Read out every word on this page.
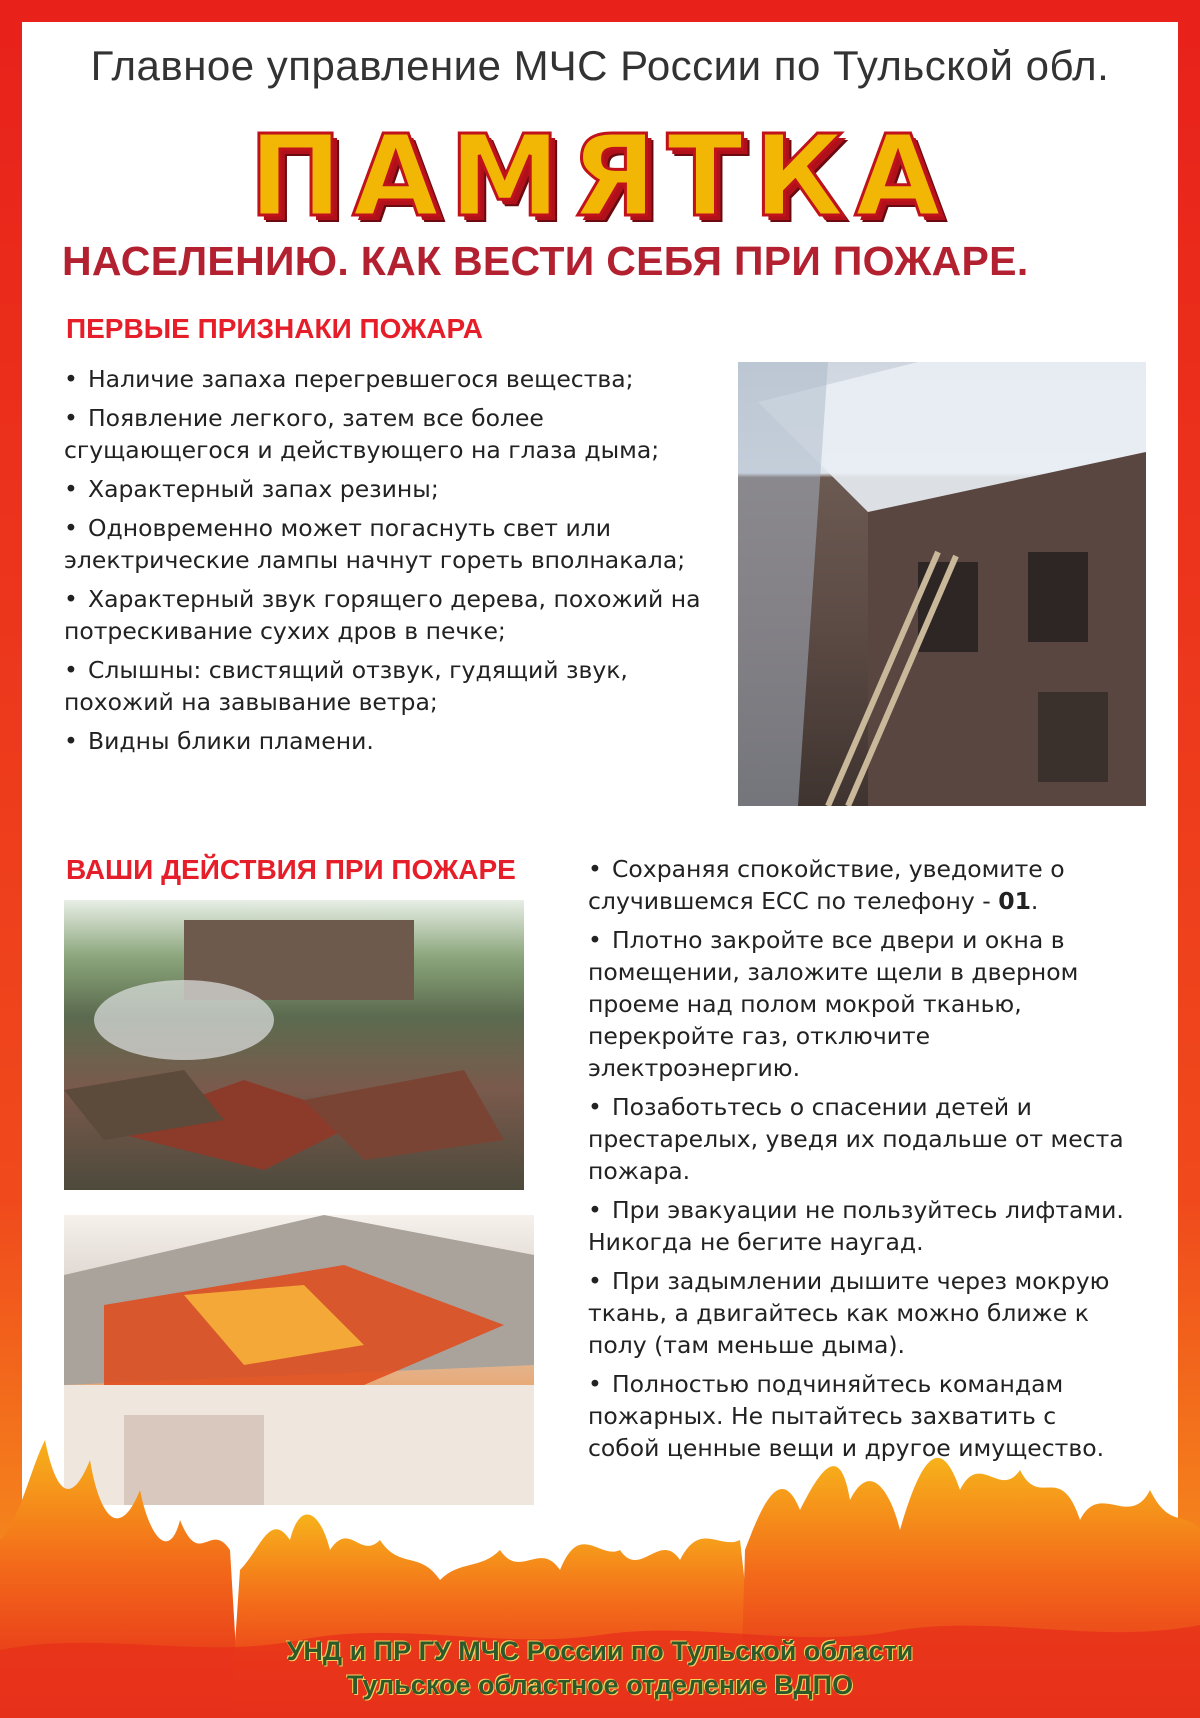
Главное управление МЧС России по Тульской обл.
ПАМЯТКА
НАСЕЛЕНИЮ. КАК ВЕСТИ СЕБЯ ПРИ ПОЖАРЕ.
ПЕРВЫЕ ПРИЗНАКИ ПОЖАРА
• Наличие запаха перегревшегося вещества;
• Появление легкого, затем все более сгущающегося и действующего на глаза дыма;
• Характерный запах резины;
• Одновременно может погаснуть свет или электрические лампы начнут гореть вполнакала;
• Характерный звук горящего дерева, похожий на потрескивание сухих дров в печке;
• Слышны: свистящий отзвук, гудящий звук, похожий на завывание ветра;
• Видны блики пламени.
ВАШИ ДЕЙСТВИЯ ПРИ ПОЖАРЕ	• Сохраняя спокойствие, уведомите о случившемся ЕСС по телефону - 01.
• Плотно закройте все двери и окна в помещении, заложите щели в дверном проеме над полом мокрой тканью, перекройте газ, отключите электроэнергию.
• Позаботьтесь о спасении детей и престарелых, уведя их подальше от места пожара.
• При эвакуации не пользуйтесь лифтами. Никогда не бегите наугад.
• При задымлении дышите через мокрую ткань, а двигайтесь как можно ближе к полу (там меньше дыма).
• Полностью подчиняйтесь командам пожарных. Не пытайтесь захватить с собой ценные вещи и другое имущество.
УНД и ПР ГУ МЧС России по Тульской области
Тульское областное отделение ВДПО
